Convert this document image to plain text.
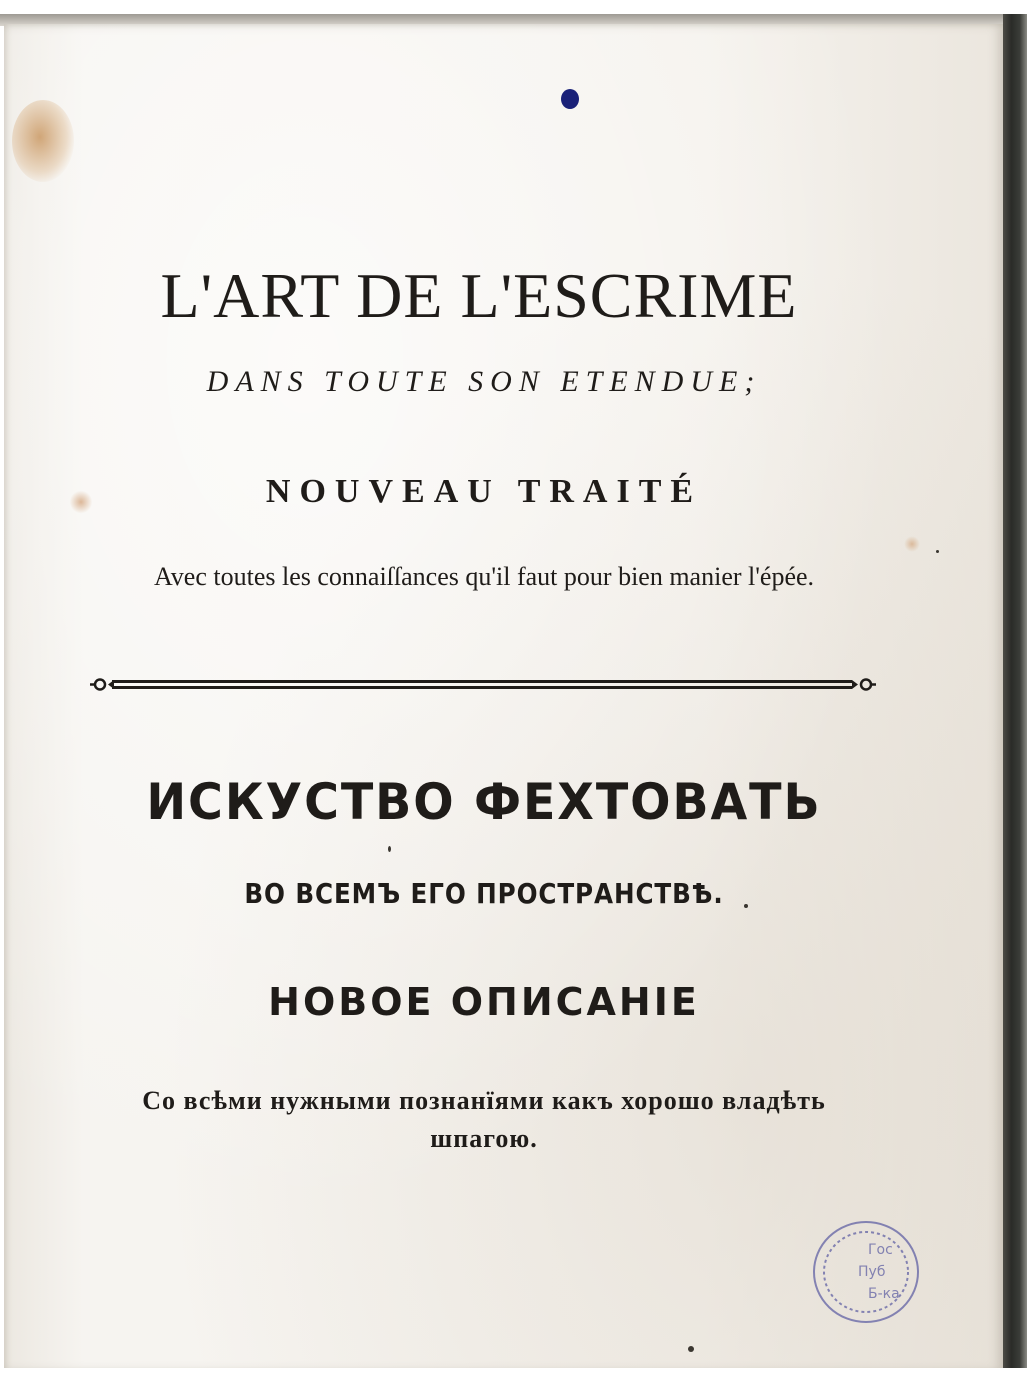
L'ART DE L'ESCRIME
DANS TOUTE SON ETENDUE;
NOUVEAU TRAITÉ
Avec toutes les connaiſſances qu'il faut pour bien manier l'épée.
ИСКУСТВО ФЕХТОВАТЬ
ВО ВСЕМЪ ЕГО ПРОСТРАНСТВѢ.
НОВОЕ ОПИСАНІЕ
Со всѣми нужными познанїями какъ хорошо владѣть
шпагою.
Гос
Пуб
Б-ка
